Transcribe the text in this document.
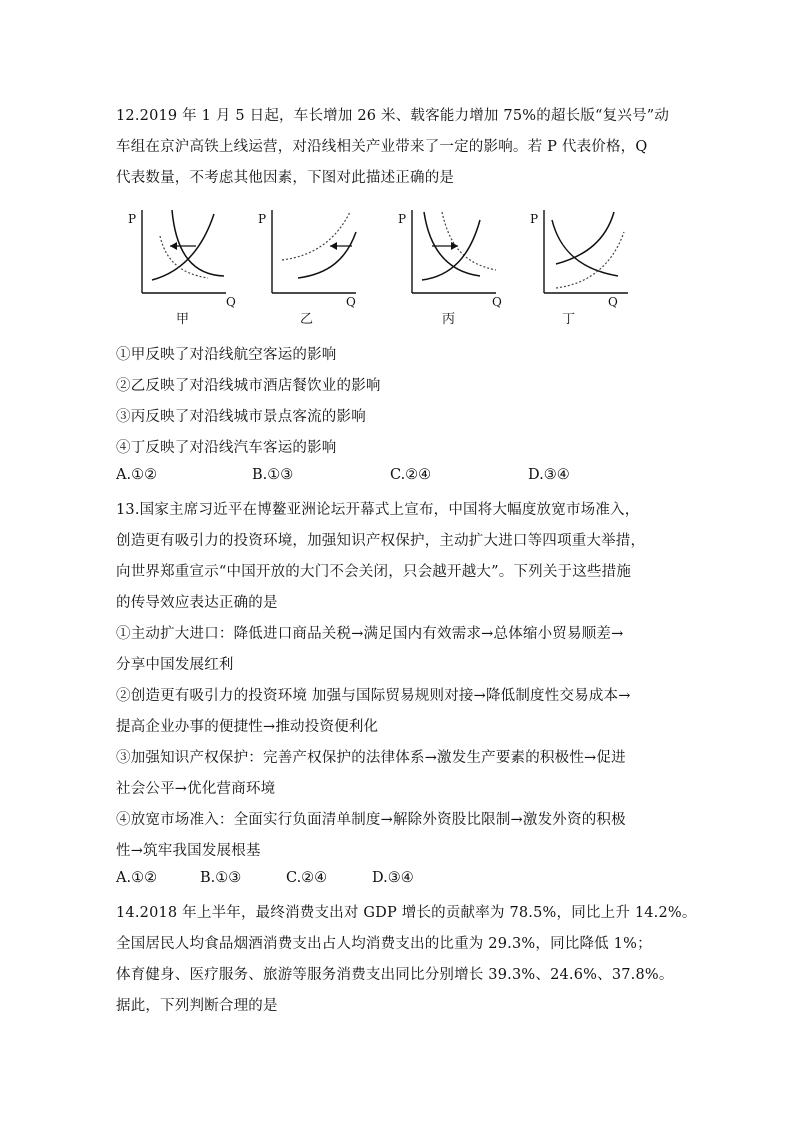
12.2019 年 1 月 5 日起，车长增加 26 米、载客能力增加 75%的超长版“复兴号”动
车组在京沪高铁上线运营，对沿线相关产业带来了一定的影响。若 P 代表价格，Q
代表数量，不考虑其他因素，下图对此描述正确的是
P
Q
甲
P
Q
乙
P
Q
丙
P
Q
丁
①甲反映了对沿线航空客运的影响
②乙反映了对沿线城市酒店餐饮业的影响
③丙反映了对沿线城市景点客流的影响
④丁反映了对沿线汽车客运的影响
A.①②	B.①③	C.②④	D.③④
13.国家主席习近平在博鳌亚洲论坛开幕式上宣布，中国将大幅度放宽市场准入，
创造更有吸引力的投资环境，加强知识产权保护，主动扩大进口等四项重大举措，
向世界郑重宣示“中国开放的大门不会关闭，只会越开越大”。下列关于这些措施
的传导效应表达正确的是
①主动扩大进口：降低进口商品关税→满足国内有效需求→总体缩小贸易顺差→
分享中国发展红利
②创造更有吸引力的投资环境 加强与国际贸易规则对接→降低制度性交易成本→
提高企业办事的便捷性→推动投资便利化
③加强知识产权保护：完善产权保护的法律体系→激发生产要素的积极性→促进
社会公平→优化营商环境
④放宽市场准入：全面实行负面清单制度→解除外资股比限制→激发外资的积极
性→筑牢我国发展根基
A.①②	B.①③	C.②④	D.③④
14.2018 年上半年，最终消费支出对 GDP 增长的贡献率为 78.5%，同比上升 14.2%。
全国居民人均食品烟酒消费支出占人均消费支出的比重为 29.3%，同比降低 1%；
体育健身、医疗服务、旅游等服务消费支出同比分别增长 39.3%、24.6%、37.8%。
据此，下列判断合理的是
